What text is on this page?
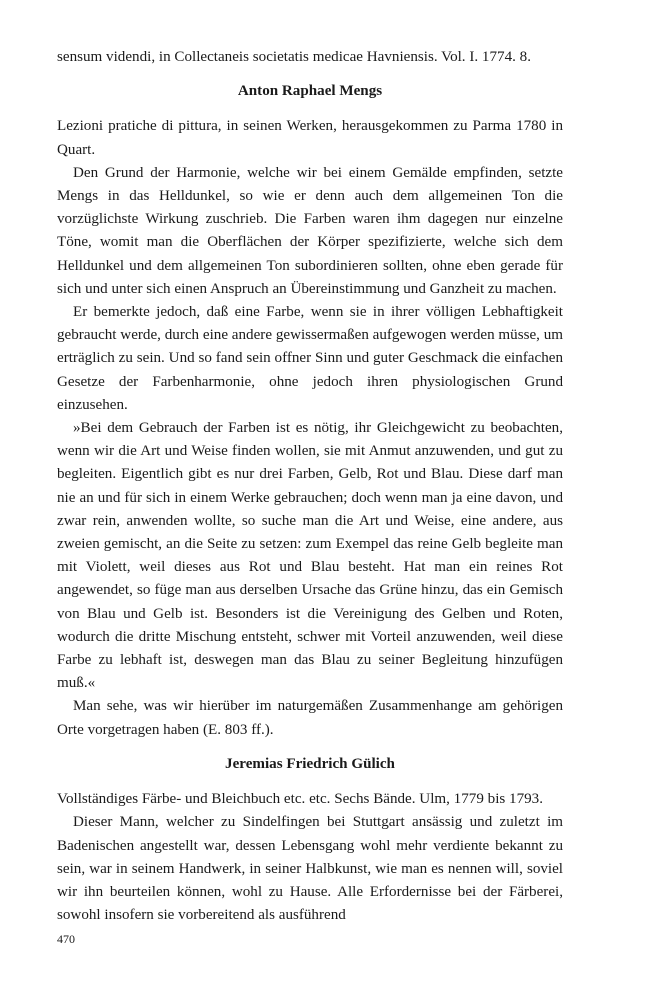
sensum videndi, in Collectaneis societatis medicae Havniensis. Vol. I. 1774. 8.

Anton Raphael Mengs

Lezioni pratiche di pittura, in seinen Werken, herausgekommen zu Parma 1780 in Quart.

Den Grund der Harmonie, welche wir bei einem Gemälde empfinden, setzte Mengs in das Helldunkel, so wie er denn auch dem allgemeinen Ton die vorzüglichste Wirkung zuschrieb. Die Farben waren ihm dagegen nur einzelne Töne, womit man die Oberflächen der Körper spezifizierte, welche sich dem Helldunkel und dem allgemeinen Ton subordinieren sollten, ohne eben gerade für sich und unter sich einen Anspruch an Übereinstimmung und Ganzheit zu machen.

Er bemerkte jedoch, daß eine Farbe, wenn sie in ihrer völligen Lebhaftigkeit gebraucht werde, durch eine andere gewissermaßen aufgewogen werden müsse, um erträglich zu sein. Und so fand sein offner Sinn und guter Geschmack die einfachen Gesetze der Farbenharmonie, ohne jedoch ihren physiologischen Grund einzusehen.

»Bei dem Gebrauch der Farben ist es nötig, ihr Gleichgewicht zu beobachten, wenn wir die Art und Weise finden wollen, sie mit Anmut anzuwenden, und gut zu begleiten. Eigentlich gibt es nur drei Farben, Gelb, Rot und Blau. Diese darf man nie an und für sich in einem Werke gebrauchen; doch wenn man ja eine davon, und zwar rein, anwenden wollte, so suche man die Art und Weise, eine andere, aus zweien gemischt, an die Seite zu setzen: zum Exempel das reine Gelb begleite man mit Violett, weil dieses aus Rot und Blau besteht. Hat man ein reines Rot angewendet, so füge man aus derselben Ursache das Grüne hinzu, das ein Gemisch von Blau und Gelb ist. Besonders ist die Vereinigung des Gelben und Roten, wodurch die dritte Mischung entsteht, schwer mit Vorteil anzuwenden, weil diese Farbe zu lebhaft ist, deswegen man das Blau zu seiner Begleitung hinzufügen muß.«

Man sehe, was wir hierüber im naturgemäßen Zusammenhange am gehörigen Orte vorgetragen haben (E. 803 ff.).

Jeremias Friedrich Gülich

Vollständiges Färbe- und Bleichbuch etc. etc. Sechs Bände. Ulm, 1779 bis 1793.

Dieser Mann, welcher zu Sindelfingen bei Stuttgart ansässig und zuletzt im Badenischen angestellt war, dessen Lebensgang wohl mehr verdiente bekannt zu sein, war in seinem Handwerk, in seiner Halbkunst, wie man es nennen will, soviel wir ihn beurteilen können, wohl zu Hause. Alle Erfordernisse bei der Färberei, sowohl insofern sie vorbereitend als ausführend

470
